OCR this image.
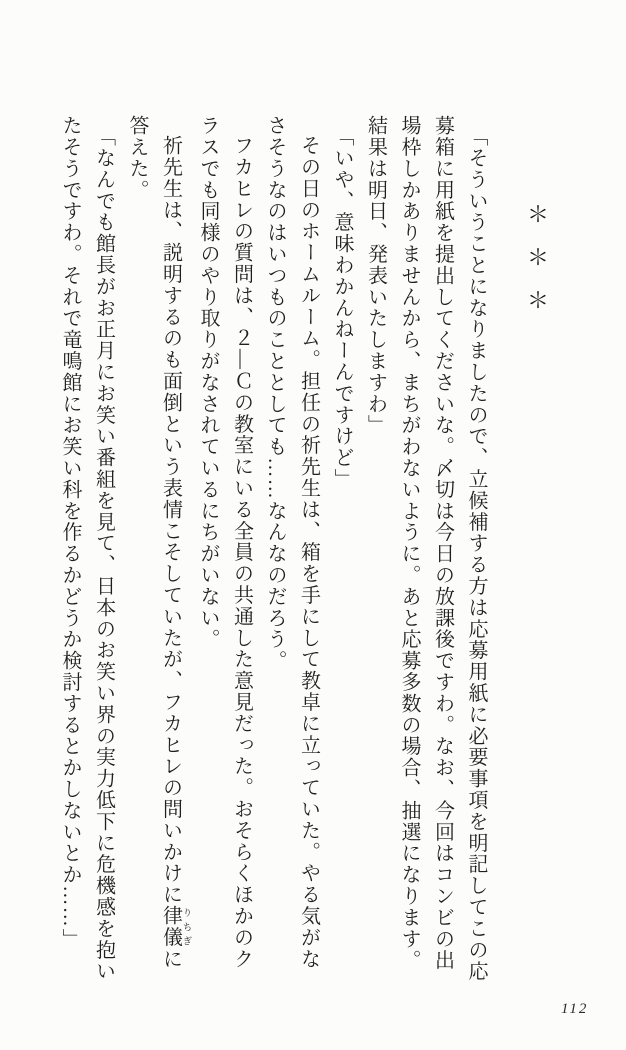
＊
＊
＊

「そういうことになりましたので、立候補する方は応募用紙に必要事項を明記してこの応募箱に用紙を提出してくださいな。〆切は今日の放課後ですわ。なお、今回はコンビの出場枠しかありませんから、まちがわないように。あと応募多数の場合、抽選になります。結果は明日、発表いたしますわ」

「いや、意味わかんねーんですけど」

その日のホームルーム。担任の祈先生は、箱を手にして教卓に立っていた。やる気がなさそうなのはいつものこととしても……なんなのだろう。

フカヒレの質問は、２―Ｃの教室にいる全員の共通した意見だった。おそらくほかのクラスでも同様のやり取りがなされているにちがいない。

祈先生は、説明するのも面倒という表情こそしていたが、フカヒレの問いかけに律儀 りちぎに答えた。

「なんでも館長がお正月にお笑い番組を見て、日本のお笑い界の実力低下に危機感を抱いたそうですわ。それで竜鳴館にお笑い科を作るかどうか検討するとかしないとか……」

112
